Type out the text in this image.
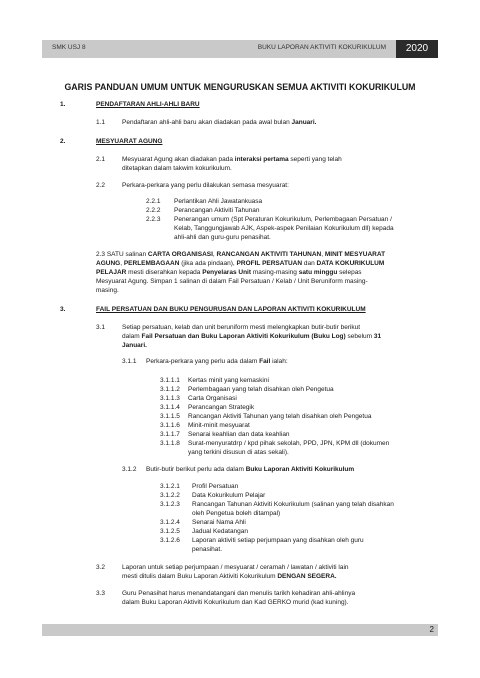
SMK USJ 8	BUKU LAPORAN AKTIVITI KOKURIKULUM	2020
GARIS PANDUAN UMUM UNTUK MENGURUSKAN SEMUA AKTIVITI KOKURIKULUM
1.	PENDAFTARAN AHLI-AHLI BARU

1.1	Pendaftaran ahli-ahli baru akan diadakan pada awal bulan Januari.

2.	MESYUARAT AGUNG

2.1	Mesyuarat Agung akan diadakan pada interaksi pertama seperti yang telah

ditetapkan dalam takwim kokurikulum.

2.2	Perkara-perkara yang perlu dilakukan semasa mesyuarat:

2.2.1 Perlantikan Ahli Jawatankuasa

2.2.2 Perancangan Aktiviti Tahunan

2.2.3 Penerangan umum (Spt Peraturan Kokurikulum, Perlembagaan Persatuan /

Kelab, Tanggungjawab AJK, Aspek-aspek Penilaian Kokurikulum dll) kepada

ahli-ahli dan guru-guru penasihat.

2.3 SATU salinan CARTA ORGANISASI, RANCANGAN AKTIVITI TAHUNAN, MINIT MESYUARAT

AGUNG, PERLEMBAGAAN (jika ada pindaan), PROFIL PERSATUAN dan DATA KOKURIKULUM

PELAJAR mesti diserahkan kepada Penyelaras Unit masing-masing satu minggu selepas

Mesyuarat Agung. Simpan 1 salinan di dalam Fail Persatuan / Kelab / Unit Beruniform masing-

masing.

3.	FAIL PERSATUAN DAN BUKU PENGURUSAN DAN LAPORAN AKTIVITI KOKURIKULUM

3.1	Setiap persatuan, kelab dan unit beruniform mesti melengkapkan butir-butir berikut

dalam Fail Persatuan dan Buku Laporan Aktiviti Kokurikulum (Buku Log) sebelum 31

Januari.

3.1.1 Perkara-perkara yang perlu ada dalam Fail ialah:

3.1.1.1 Kertas minit yang kemaskini

3.1.1.2 Perlembagaan yang telah disahkan oleh Pengetua

3.1.1.3 Carta Organisasi

3.1.1.4 Perancangan Strategik

3.1.1.5 Rancangan Aktiviti Tahunan yang telah disahkan oleh Pengetua

3.1.1.6 Minit-minit mesyuarat

3.1.1.7 Senarai keahlian dan data keahlian

3.1.1.8 Surat-menyuratdrp / kpd pihak sekolah, PPD, JPN, KPM dll (dokumen

yang terkini disusun di atas sekali).

3.1.2 Butir-butir berikut perlu ada dalam Buku Laporan Aktiviti Kokurikulum

3.1.2.1 Profil Persatuan

3.1.2.2 Data Kokurikulum Pelajar

3.1.2.3 Rancangan Tahunan Aktiviti Kokurikulum (salinan yang telah disahkan

oleh Pengetua boleh ditampal)

3.1.2.4 Senarai Nama Ahli

3.1.2.5 Jadual Kedatangan

3.1.2.6 Laporan aktiviti setiap perjumpaan yang disahkan oleh guru

penasihat.

3.2	Laporan untuk setiap perjumpaan / mesyuarat / ceramah / lawatan / aktiviti lain

mesti ditulis dalam Buku Laporan Aktiviti Kokurikulum DENGAN SEGERA.

3.3	Guru Penasihat harus menandatangani dan menulis tarikh kehadiran ahli-ahlinya

dalam Buku Laporan Aktiviti Kokurikulum dan Kad GERKO murid (kad kuning).

2
